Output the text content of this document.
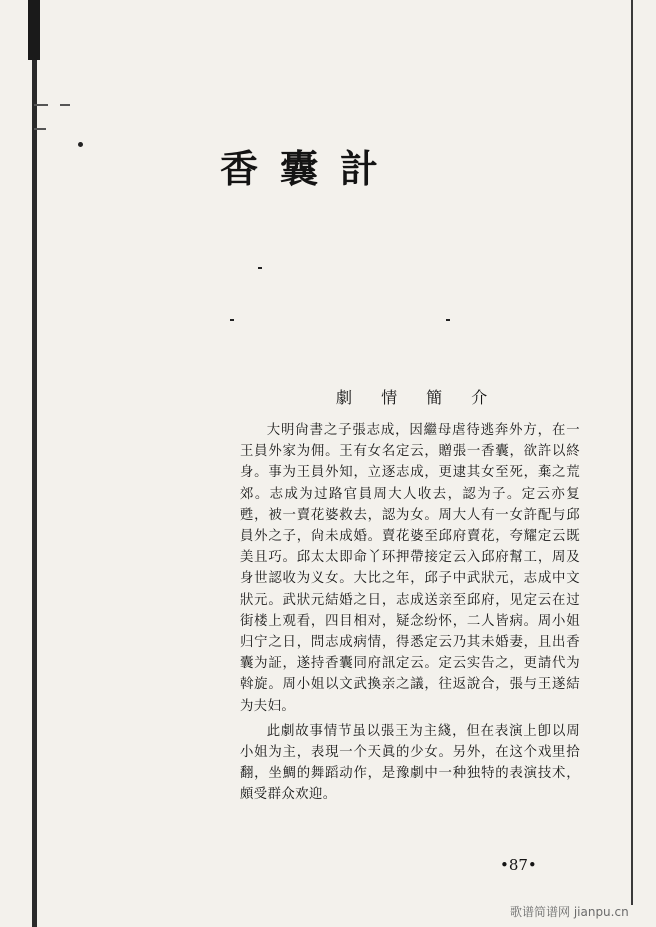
香囊計
劇 情 簡 介

大明尙書之子張志成，因繼母虐待逃奔外方，在一王員外家为佣。王有女名定云，贈張一香囊，欲許以終身。事为王員外知，立逐志成，更逮其女至死，棄之荒郊。志成为过路官員周大人收去，認为子。定云亦复甦，被一賣花婆救去，認为女。周大人有一女許配与邱員外之子，尙未成婚。賣花婆至邱府賣花，夸耀定云既美且巧。邱太太即命丫环押帶接定云入邱府幫工，周及身世認收为义女。大比之年，邱子中武狀元，志成中文狀元。武狀元結婚之日，志成送亲至邱府，见定云在过街楼上观看，四目相对，疑念纷怀，二人皆病。周小姐归宁之日，問志成病情，得悉定云乃其未婚妻，且出香囊为証，遂持香囊同府訊定云。定云实告之，更請代为斡旋。周小姐以文武換亲之議，往返說合，張与王遂結为夫妇。

此劇故事情节虽以張王为主綫，但在表演上卽以周小姐为主，表現一个天眞的少女。另外，在这个戏里拾翻，坐鯛的舞蹈动作，是豫劇中一种独特的表演技术，頗受群众欢迎。

•87•
歌谱简谱网 jianpu.cn
